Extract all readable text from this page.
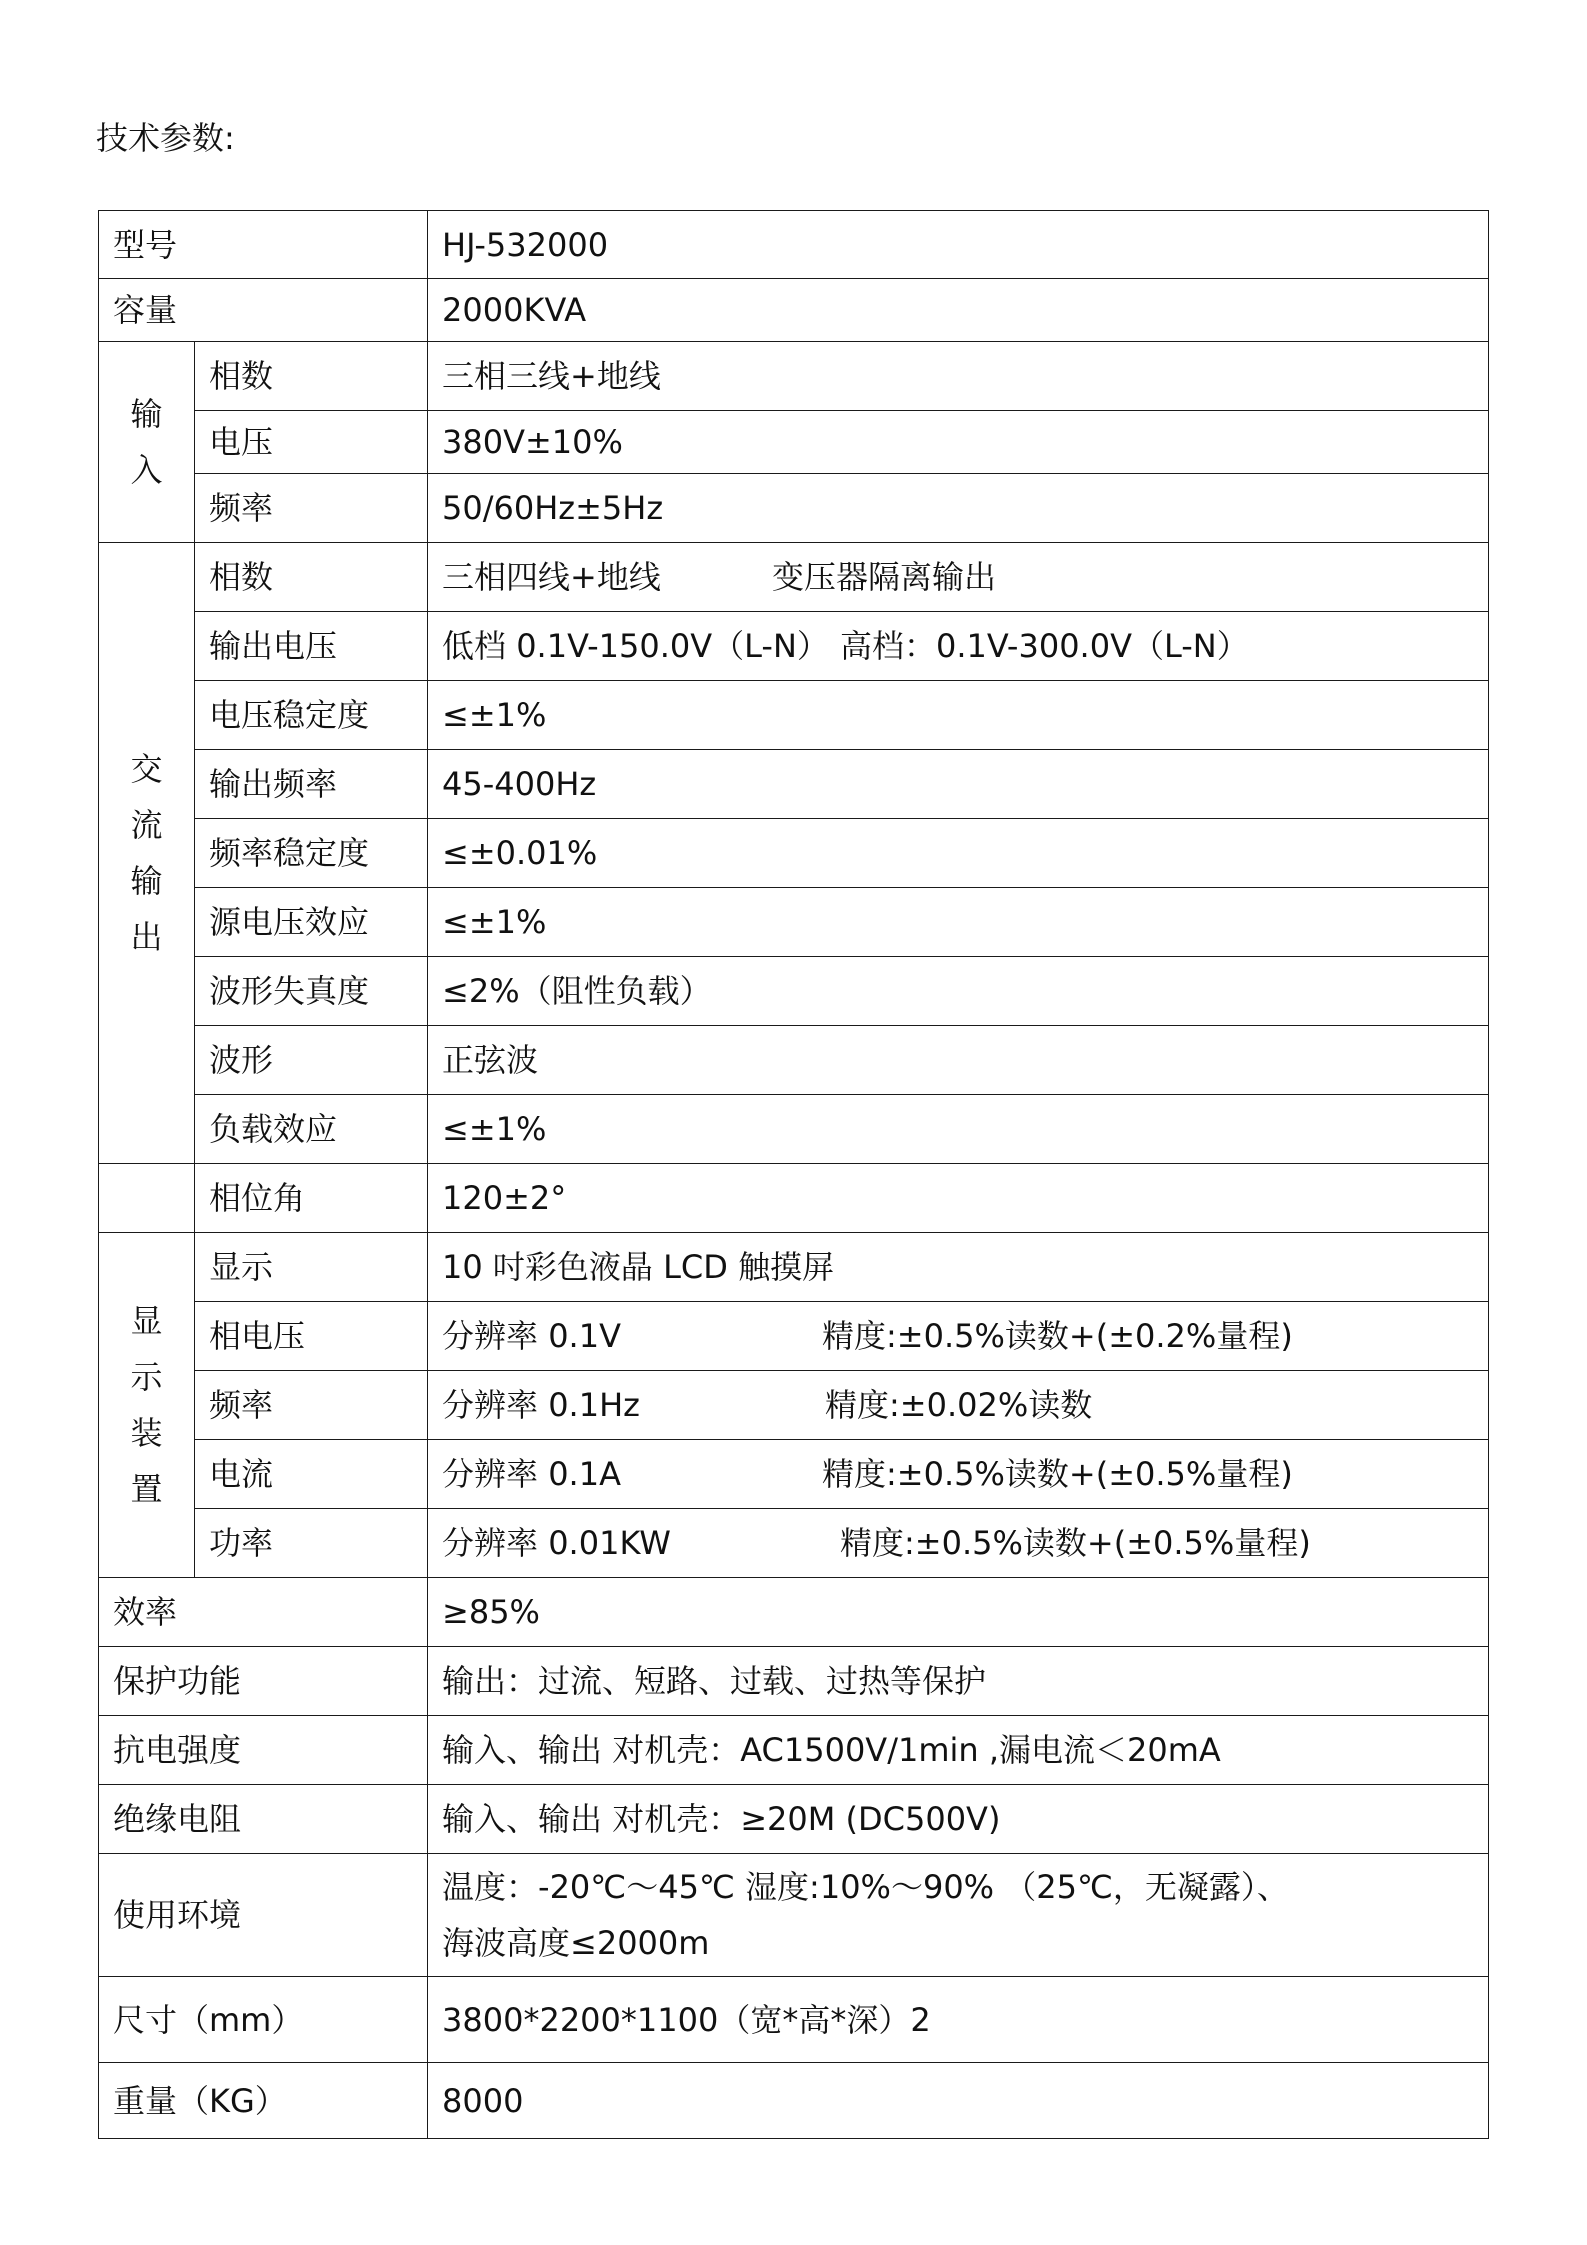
技术参数:
型号		HJ-532000
容量		2000KVA

输
入	相数	三相三线+地线
	电压	380V±10%
	频率	50/60Hz±5Hz

交
流
输
出	相数	三相四线+地线 变压器隔离输出
	输出电压	低档 0.1V-150.0V（L-N） 高档：0.1V-300.0V（L-N）
	电压稳定度	≤±1%
	输出频率	45-400Hz
	频率稳定度	≤±0.01%
	源电压效应	≤±1%
	波形失真度	≤2%（阻性负载）
	波形	正弦波
	负载效应	≤±1%
	相位角	120±2°

显
示
装
置	显示	10 吋彩色液晶 LCD 触摸屏
	相电压	分辨率 0.1V 精度:±0.5%读数+(±0.2%量程)
	频率	分辨率 0.1Hz 精度:±0.02%读数
	电流	分辨率 0.1A 精度:±0.5%读数+(±0.5%量程)
	功率	分辨率 0.01KW 精度:±0.5%读数+(±0.5%量程)
效率		≥85%
保护功能		输出：过流、短路、过载、过热等保护
抗电强度		输入、输出 对机壳：AC1500V/1min ,漏电流＜20mA
绝缘电阻		输入、输出 对机壳：≥20M (DC500V)
使用环境		温度：-20℃～45℃ 湿度:10%～90% （25℃，无凝露）、
海波高度≤2000m

尺寸（mm）		3800*2200*1100（宽*高*深）2
重量（KG）		8000
